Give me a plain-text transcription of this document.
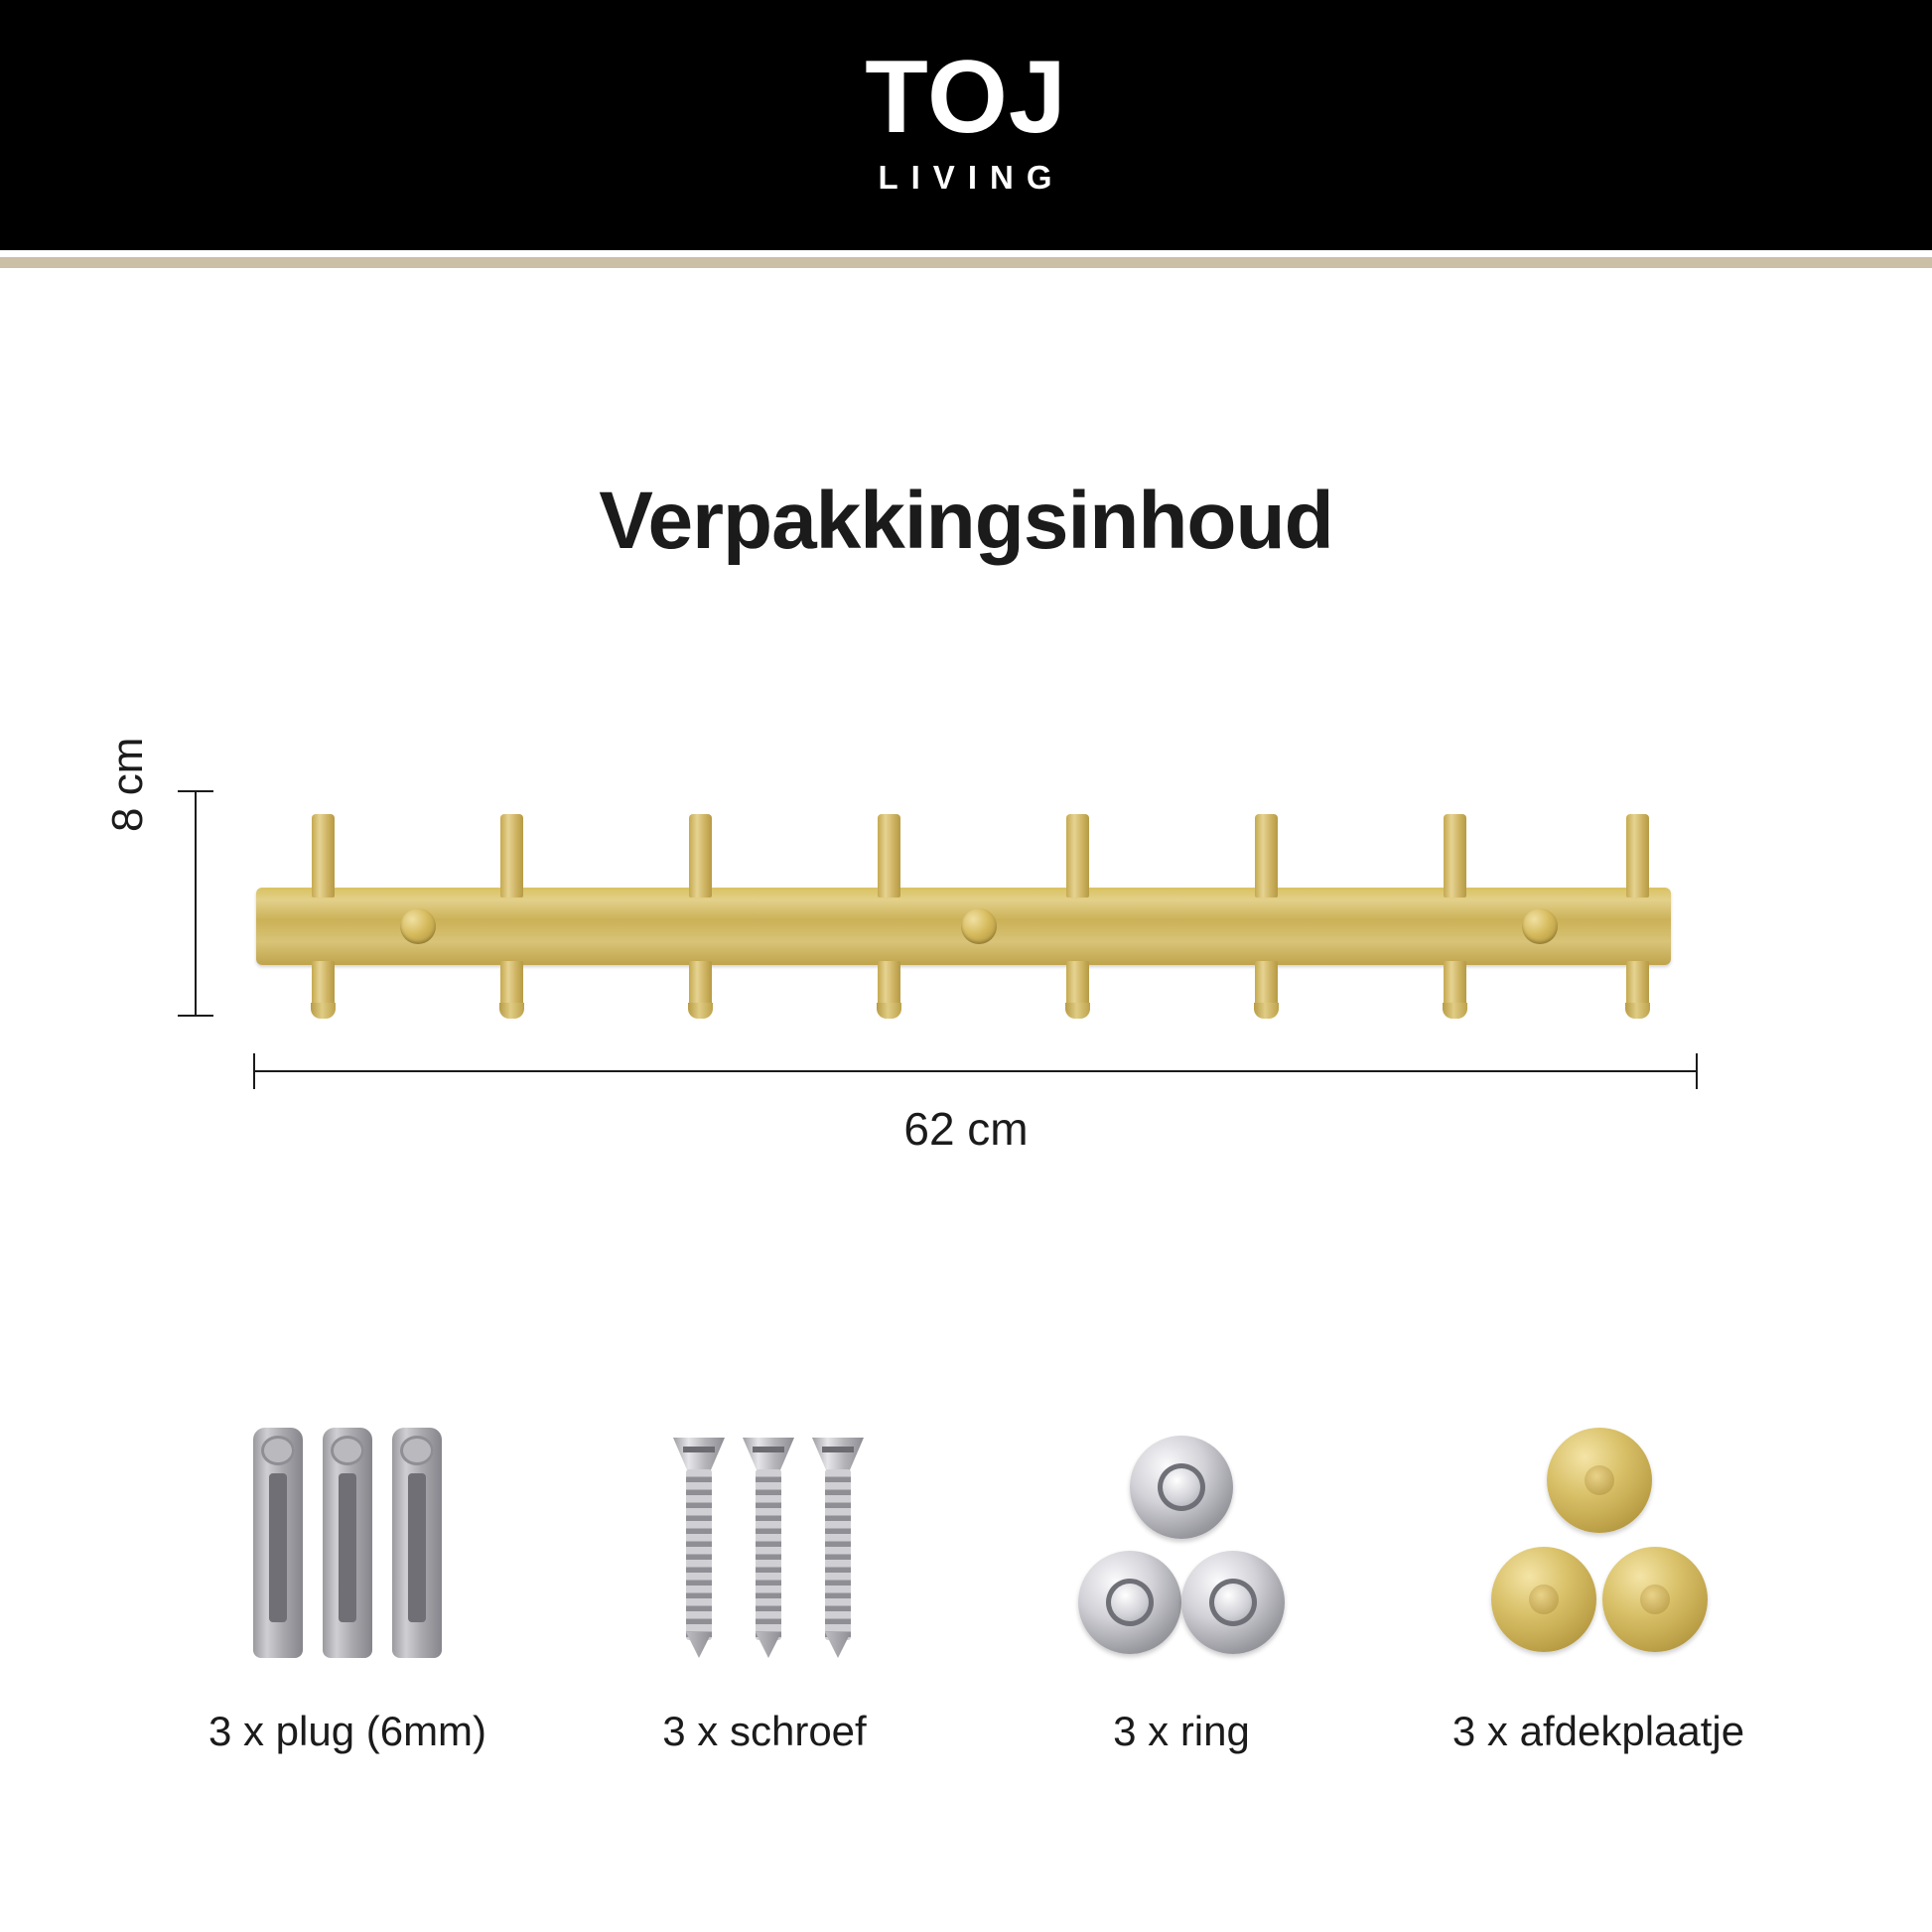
TOJ
LIVING
Verpakkingsinhoud
8 cm
62 cm
3 x plug (6mm)	3 x schroef	3 x ring	3 x afdekplaatje
